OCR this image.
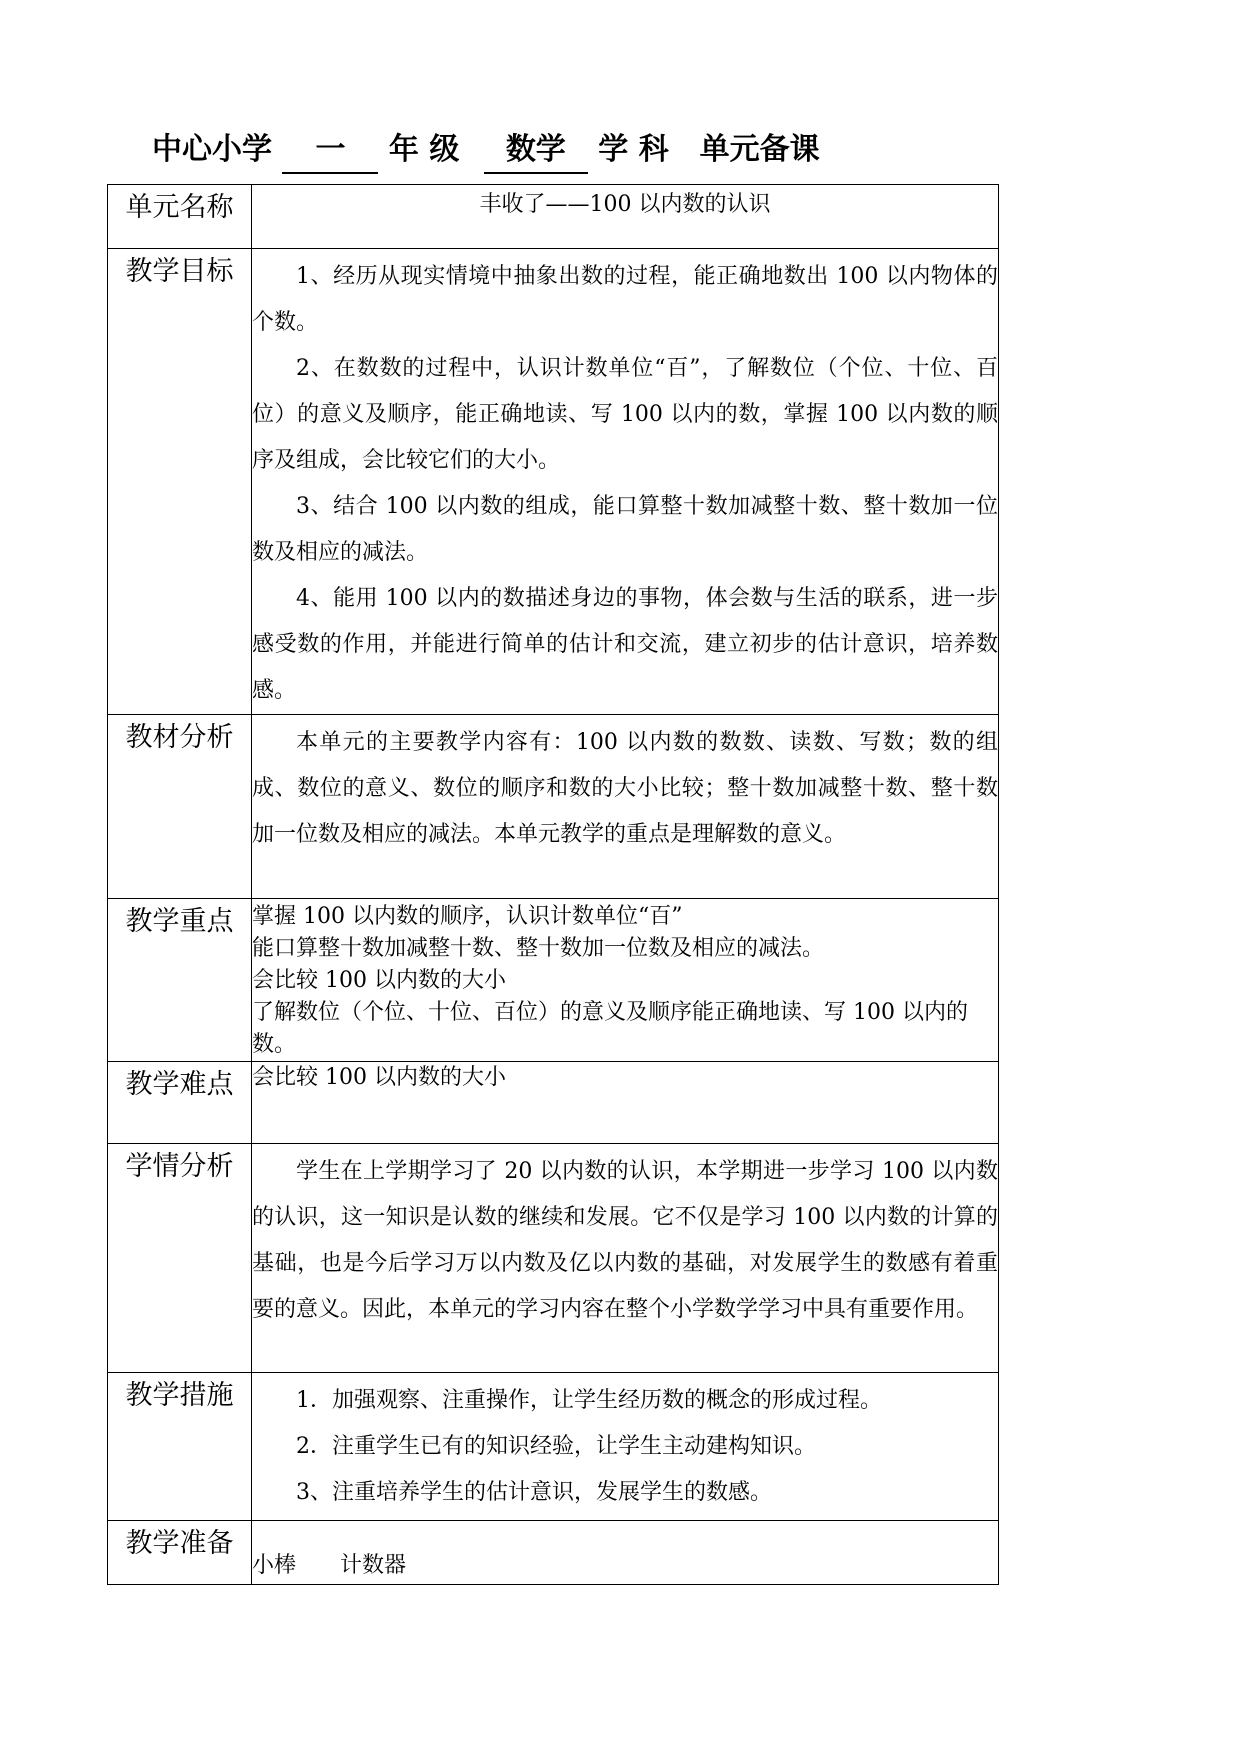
中心小学 一 年 级 数学 学 科 单元备课
单元名称	丰收了——100 以内数的认识

教学目标	1、经历从现实情境中抽象出数的过程，能正确地数出 100 以内物体的个数。

2、在数数的过程中，认识计数单位“百”，了解数位（个位、十位、百位）的意义及顺序，能正确地读、写 100 以内的数，掌握 100 以内数的顺序及组成，会比较它们的大小。

3、结合 100 以内数的组成，能口算整十数加减整十数、整十数加一位数及相应的减法。

4、能用 100 以内的数描述身边的事物，体会数与生活的联系，进一步感受数的作用，并能进行简单的估计和交流，建立初步的估计意识，培养数感。

教材分析	本单元的主要教学内容有：100 以内数的数数、读数、写数；数的组成、数位的意义、数位的顺序和数的大小比较；整十数加减整十数、整十数加一位数及相应的减法。本单元教学的重点是理解数的意义。

教学重点	掌握 100 以内数的顺序，认识计数单位“百”

能口算整十数加减整十数、整十数加一位数及相应的减法。

会比较 100 以内数的大小

了解数位（个位、十位、百位）的意义及顺序能正确地读、写 100 以内的数。

教学难点	会比较 100 以内数的大小

学情分析	学生在上学期学习了 20 以内数的认识，本学期进一步学习 100 以内数的认识，这一知识是认数的继续和发展。它不仅是学习 100 以内数的计算的基础，也是今后学习万以内数及亿以内数的基础，对发展学生的数感有着重要的意义。因此，本单元的学习内容在整个小学数学学习中具有重要作用。

教学措施	1．加强观察、注重操作，让学生经历数的概念的形成过程。

2．注重学生已有的知识经验，让学生主动建构知识。

3、注重培养学生的估计意识，发展学生的数感。

教学准备	小棒　　计数器
